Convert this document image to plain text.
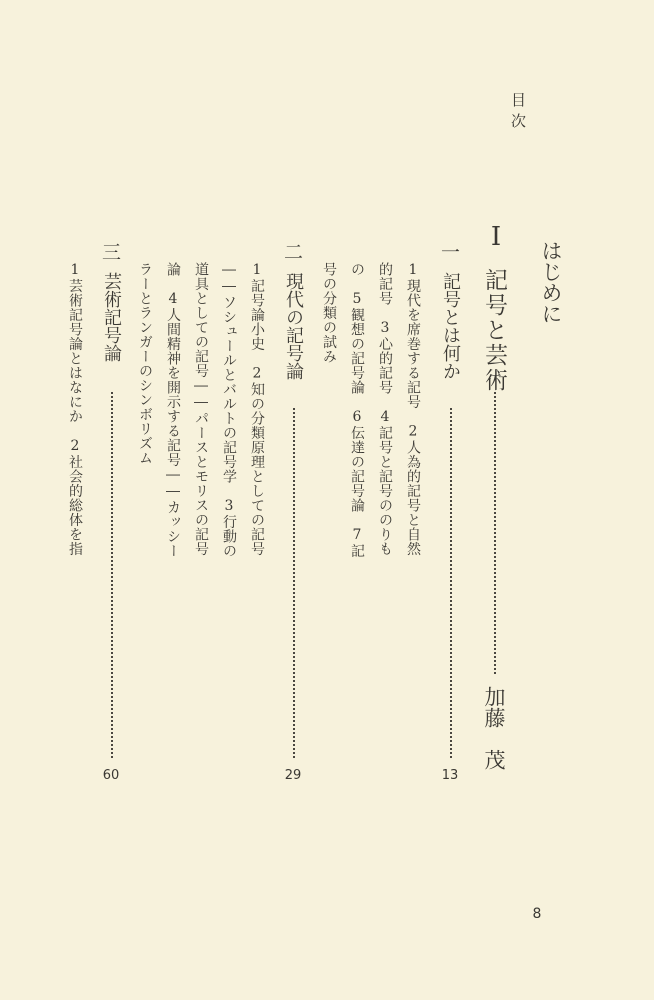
目次
はじめに
I
記号と芸術
加藤　茂
一
記号とは何か
13
1現代を席巻する記号　2人為的記号と自然
的記号　3心的記号　4記号と記号ののりも
の　5観想の記号論　6伝達の記号論　7記
号の分類の試み
二
現代の記号論
29
1記号論小史　2知の分類原理としての記号
――ソシュールとバルトの記号学　3行動の
道具としての記号――パースとモリスの記号
論　4人間精神を開示する記号――カッシー
ラーとランガーのシンボリズム
三
芸術記号論
60
1芸術記号論とはなにか　2社会的総体を指
8
